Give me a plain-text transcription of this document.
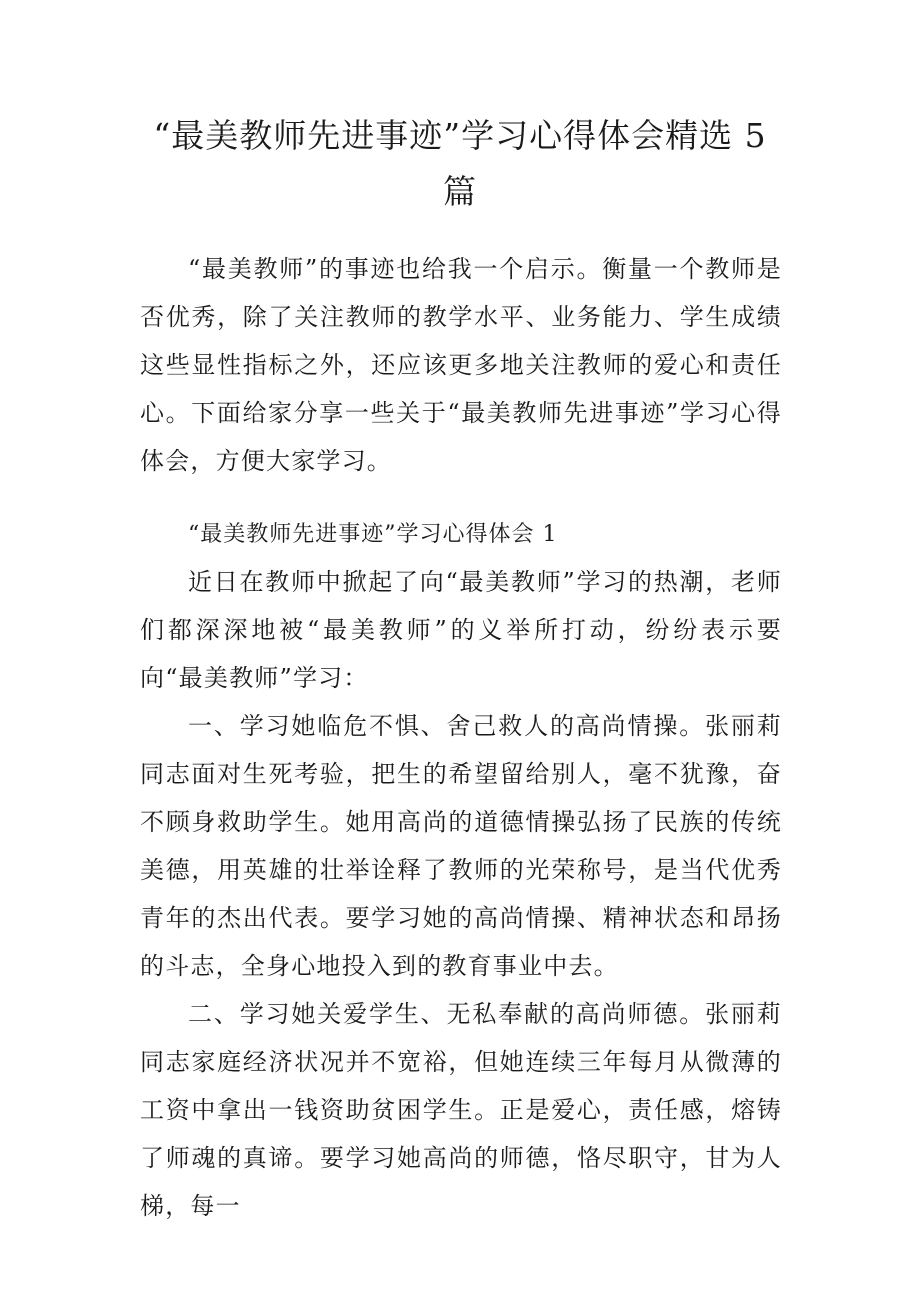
“最美教师先进事迹”学习心得体会精选 5 篇

“最美教师”的事迹也给我一个启示。衡量一个教师是否优秀，除了关注教师的教学水平、业务能力、学生成绩这些显性指标之外，还应该更多地关注教师的爱心和责任心。下面给家分享一些关于“最美教师先进事迹”学习心得体会，方便大家学习。

“最美教师先进事迹”学习心得体会 1

近日在教师中掀起了向“最美教师”学习的热潮，老师们都深深地被“最美教师”的义举所打动，纷纷表示要向“最美教师”学习：

一、学习她临危不惧、舍己救人的高尚情操。张丽莉同志面对生死考验，把生的希望留给别人，毫不犹豫，奋不顾身救助学生。她用高尚的道德情操弘扬了民族的传统美德，用英雄的壮举诠释了教师的光荣称号，是当代优秀青年的杰出代表。要学习她的高尚情操、精神状态和昂扬的斗志，全身心地投入到的教育事业中去。

二、学习她关爱学生、无私奉献的高尚师德。张丽莉同志家庭经济状况并不宽裕，但她连续三年每月从微薄的工资中拿出一钱资助贫困学生。正是爱心，责任感，熔铸了师魂的真谛。要学习她高尚的师德，恪尽职守，甘为人梯，每一
